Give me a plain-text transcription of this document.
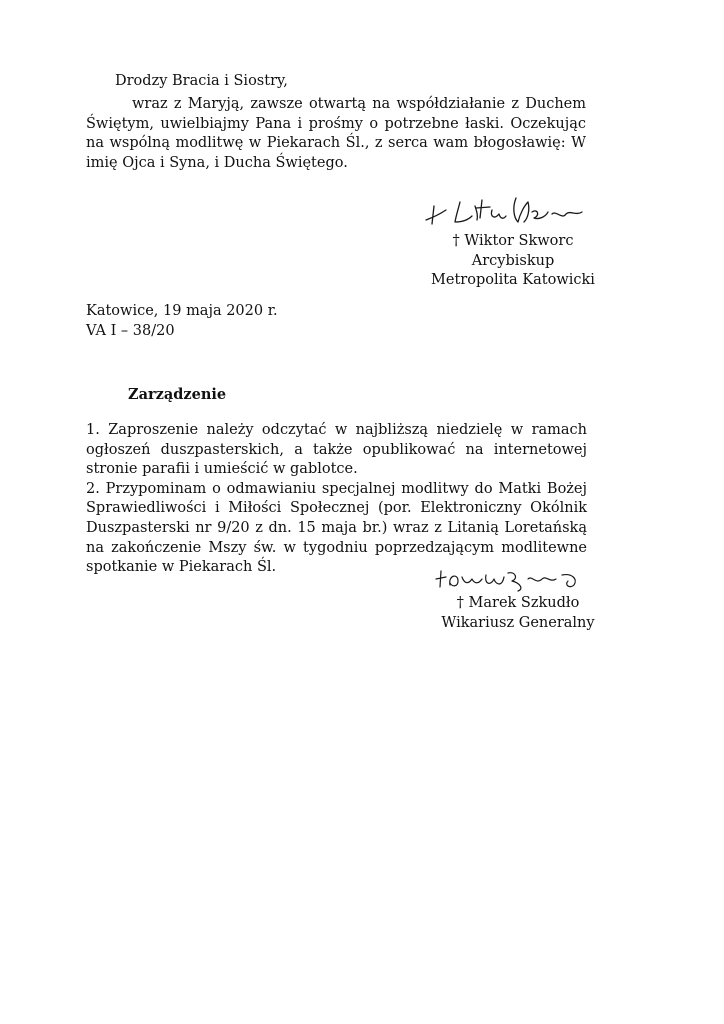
Drodzy Bracia i Siostry,
wraz z Maryją, zawsze otwartą na współdziałanie z Duchem Świętym, uwielbiajmy Pana i prośmy o potrzebne łaski. Oczekując na wspólną modlitwę w Piekarach Śl., z serca wam błogosławię: W imię Ojca i Syna, i Ducha Świętego.
† Wiktor Skworc
Arcybiskup
Metropolita Katowicki
Katowice, 19 maja 2020 r.
VA I – 38/20
Zarządzenie

1. Zaproszenie należy odczytać w najbliższą niedzielę w ramach ogłoszeń duszpasterskich, a także opublikować na internetowej stronie parafii i umieścić w gablotce.

2. Przypominam o odmawianiu specjalnej modlitwy do Matki Bożej Sprawiedliwości i Miłości Społecznej (por. Elektroniczny Okólnik Duszpasterski nr 9/20 z dn. 15 maja br.) wraz z Litanią Loretańską na zakończenie Mszy św. w tygodniu poprzedzającym modlitewne spotkanie w Piekarach Śl.

† Marek Szkudło
Wikariusz Generalny
